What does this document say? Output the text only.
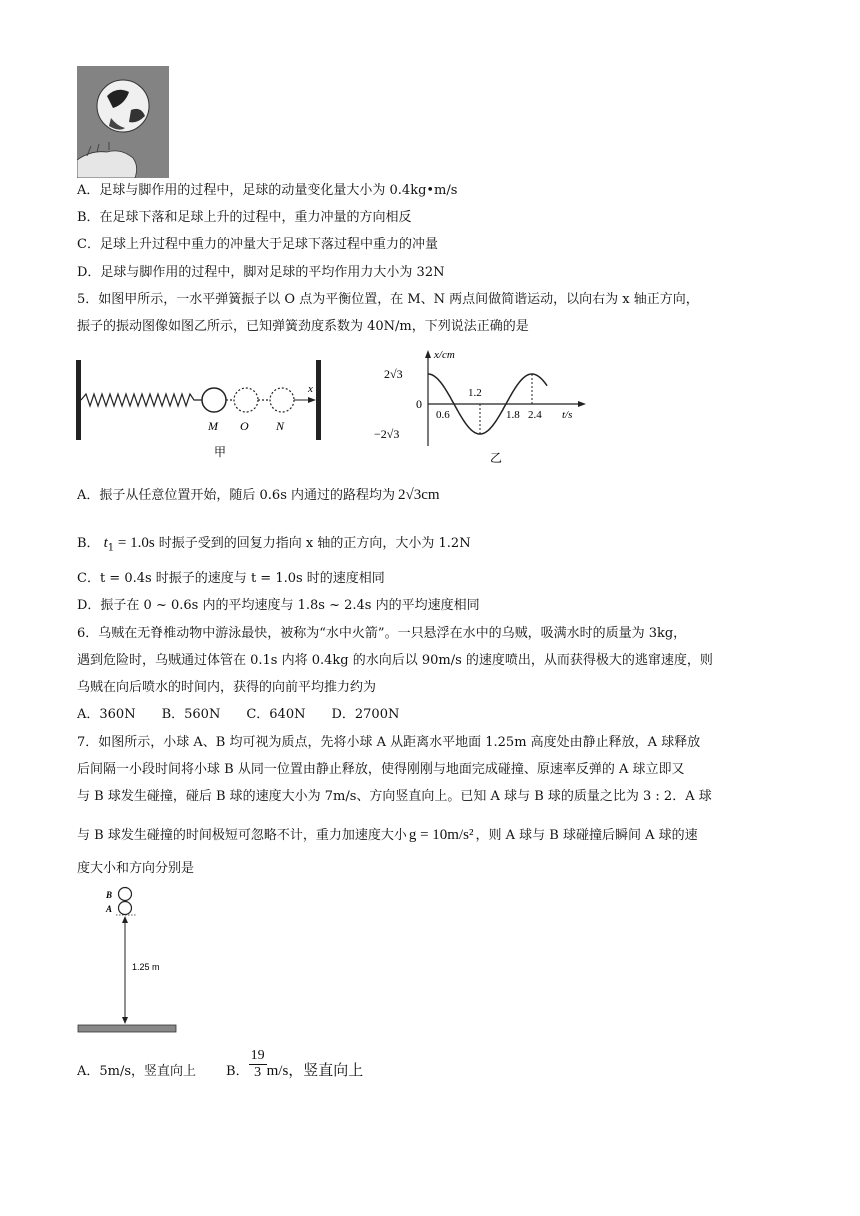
A．足球与脚作用的过程中，足球的动量变化量大小为 0.4kg•m/s
B．在足球下落和足球上升的过程中，重力冲量的方向相反
C．足球上升过程中重力的冲量大于足球下落过程中重力的冲量
D．足球与脚作用的过程中，脚对足球的平均作用力大小为 32N
5．如图甲所示，一水平弹簧振子以 O 点为平衡位置，在 M、N 两点间做简谐运动，以向右为 x 轴正方向，
振子的振动图像如图乙所示，已知弹簧劲度系数为 40N/m，下列说法正确的是
x
M O N
甲
x/cm
2√3
0
−2√3
0.6
1.2
1.8 2.4 t/s
乙
A．振子从任意位置开始，随后 0.6s 内通过的路程均为 2√3cm
B． $t_1 = 1.0s$ 时振子受到的回复力指向 x 轴的正方向，大小为 1.2N
C．t = 0.4s 时振子的速度与 t = 1.0s 时的速度相同
D．振子在 0 ~ 0.6s 内的平均速度与 1.8s ~ 2.4s 内的平均速度相同
6．乌贼在无脊椎动物中游泳最快，被称为“水中火箭”。一只悬浮在水中的乌贼，吸满水时的质量为 3kg，
遇到危险时，乌贼通过体管在 0.1s 内将 0.4kg 的水向后以 90m/s 的速度喷出，从而获得极大的逃窜速度，则
乌贼在向后喷水的时间内，获得的向前平均推力约为
A．360N B．560N C．640N D．2700N
7．如图所示，小球 A、B 均可视为质点，先将小球 A 从距离水平地面 1.25m 高度处由静止释放，A 球释放
后间隔一小段时间将小球 B 从同一位置由静止释放，使得刚刚与地面完成碰撞、原速率反弹的 A 球立即又
与 B 球发生碰撞，碰后 B 球的速度大小为 7m/s、方向竖直向上。已知 A 球与 B 球的质量之比为 3 : 2．A 球
与 B 球发生碰撞的时间极短可忽略不计，重力加速度大小 g = 10m/s² ，则 A 球与 B 球碰撞后瞬间 A 球的速
度大小和方向分别是
B
A
1.25 m
A．5m/s，竖直向上 B． $\frac{19}{3} m/s$，竖直向上
